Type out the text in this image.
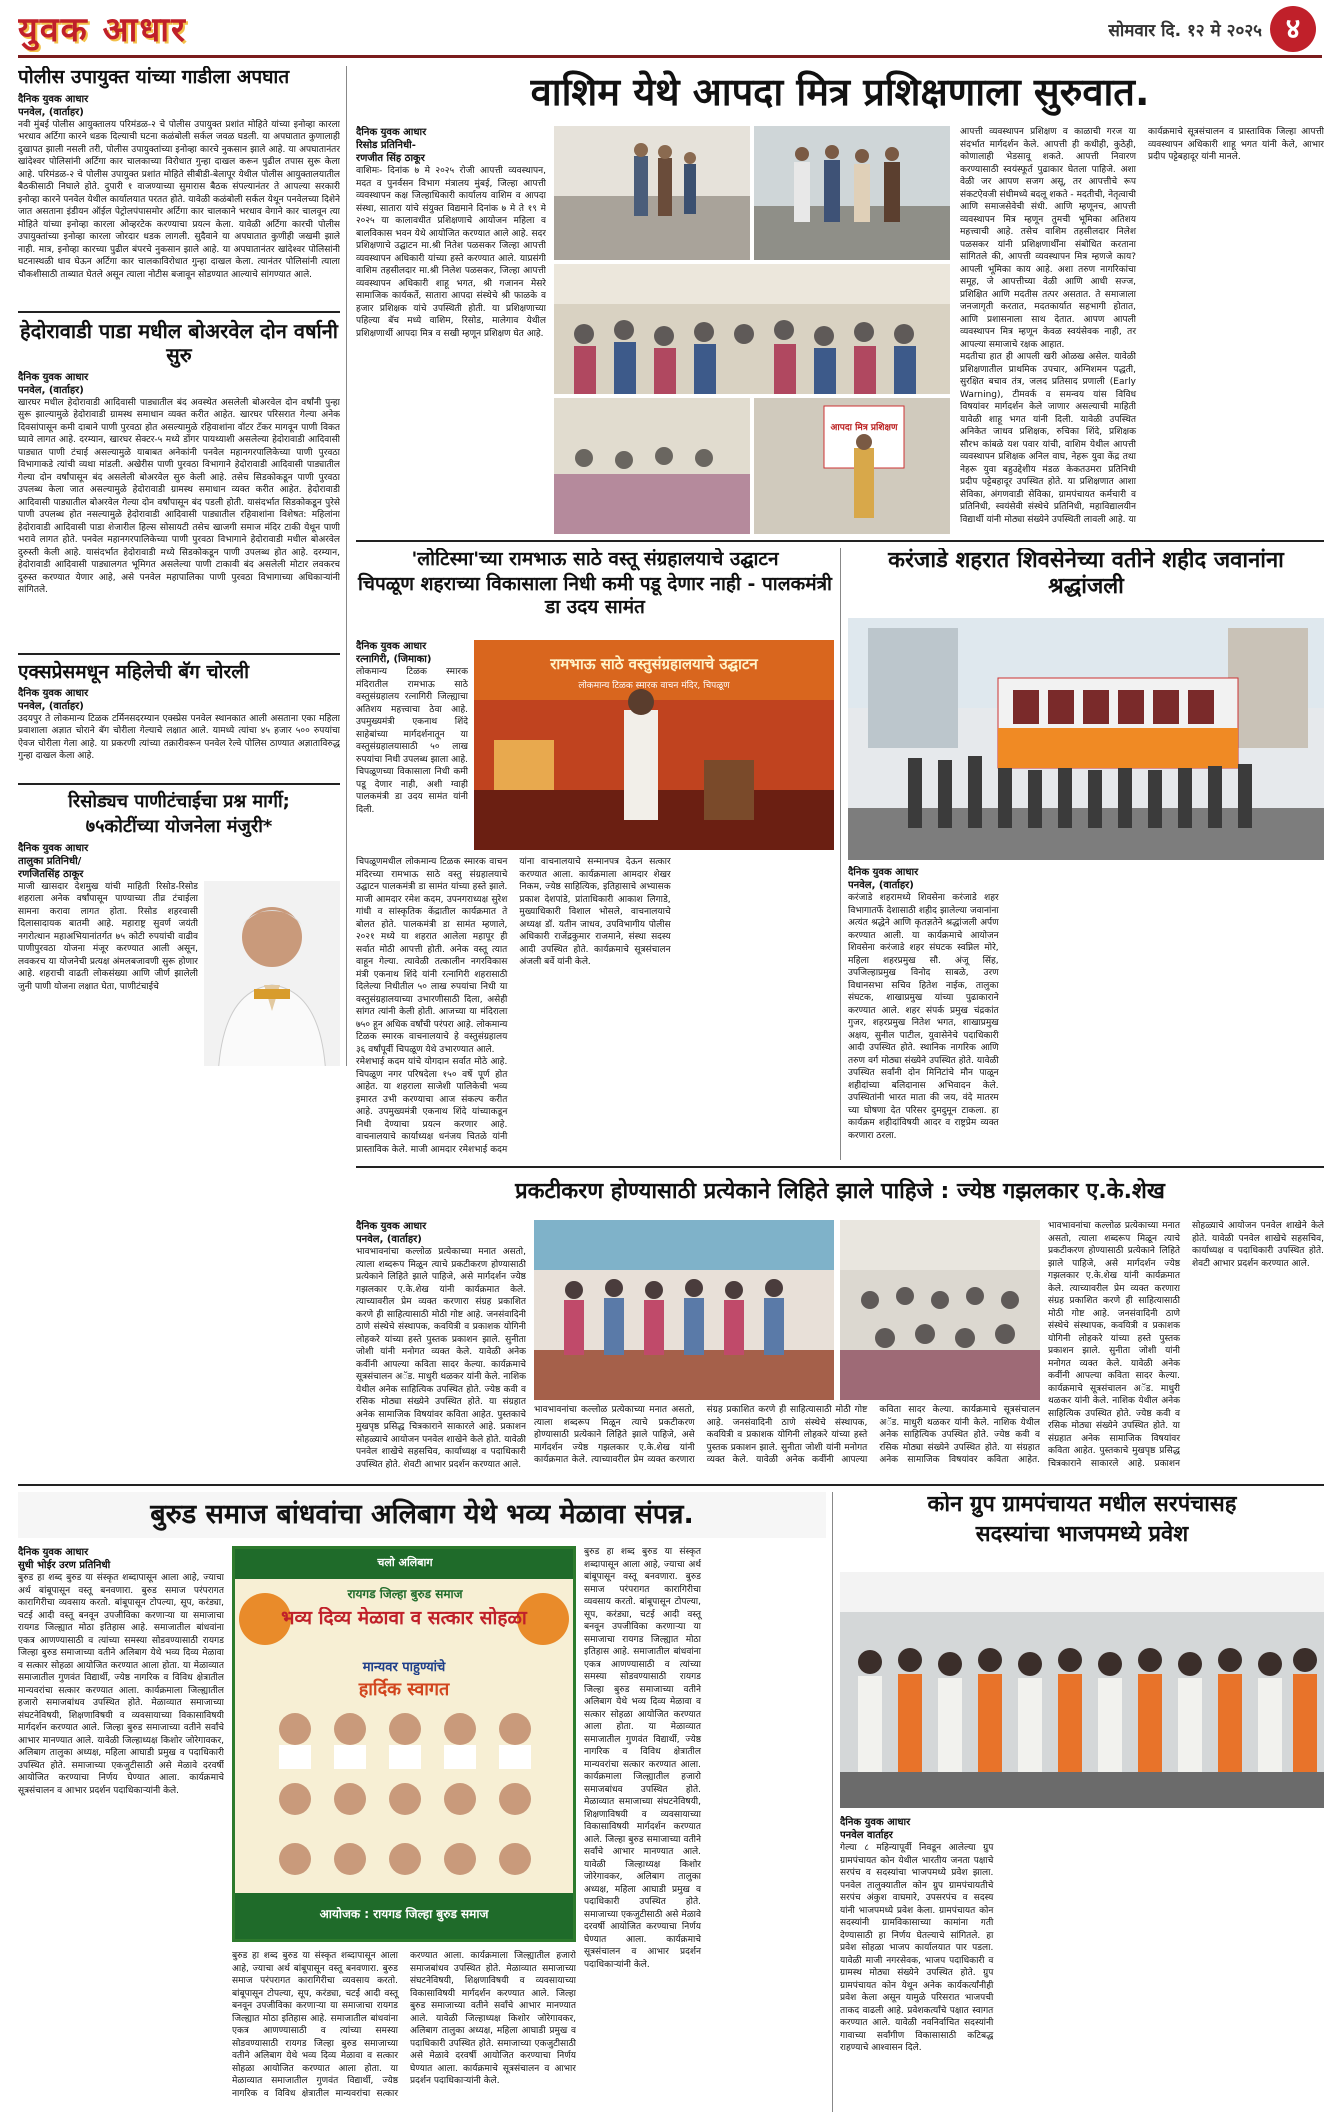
युवक आधार	सोमवार दि. १२ मे २०२५ ४
पोलीस उपायुक्त यांच्या गाडीला अपघात
दैनिक युवक आधार
पनवेल, (वार्ताहर)
नवी मुंबई पोलीस आयुक्तालय परिमंडळ-२ चे पोलीस उपायुक्त प्रशांत मोहिते यांच्या इनोव्हा कारला भरधाव अर्टिगा कारने धडक दिल्याची घटना कळंबोली सर्कल जवळ घडली. या अपघातात कुणालाही दुखापत झाली नसली तरी, पोलीस उपायुक्तांच्या इनोव्हा कारचे नुकसान झाले आहे. या अपघातानंतर खांदेश्वर पोलिसांनी अर्टिगा कार चालकाच्या विरोधात गुन्हा दाखल करून पुढील तपास सुरू केला आहे. परिमंडळ-२ चे पोलीस उपायुक्त प्रशांत मोहिते सीबीडी-बेलापूर येथील पोलीस आयुक्तालयातील बैठकीसाठी निघाले होते. दुपारी १ वाजण्याच्या सुमारास बैठक संपल्यानंतर ते आपल्या सरकारी इनोव्हा कारने पनवेल येथील कार्यालयात परतत होते. यावेळी कळंबोली सर्कल येथून पनवेलच्या दिशेने जात असताना इंडीयन ऑईल पेट्रोलपंपासमोर अर्टिगा कार चालकाने भरधाव वेगाने कार चालवून त्या मोहिते यांच्या इनोव्हा कारला ओव्हरटेक करण्याचा प्रयत्न केला. यावेळी अर्टिगा कारची पोलीस उपायुक्तांच्या इनोव्हा कारला जोरदार धडक लागली. सुदैवाने या अपघातात कुणीही जखमी झाले नाही. मात्र, इनोव्हा कारच्या पुढील बंपरचे नुकसान झाले आहे. या अपघातानंतर खांदेश्वर पोलिसांनी घटनास्थळी धाव घेऊन अर्टिगा कार चालकाविरोधात गुन्हा दाखल केला. त्यानंतर पोलिसांनी त्याला चौकशीसाठी ताब्यात घेतले असून त्याला नोटीस बजावून सोडण्यात आल्याचे सांगण्यात आले.
हेदोरावाडी पाडा मधील बोअरवेल दोन वर्षानी सुरु
दैनिक युवक आधार
पनवेल, (वार्ताहर)
खारघर मधील हेदोरावाडी आदिवासी पाड्यातील बंद अवस्थेत असलेली बोअरवेल दोन वर्षांनी पुन्हा सुरू झाल्यामुळे हेदोरावाडी ग्रामस्थ समाधान व्यक्त करीत आहेत. खारघर परिसरात गेल्या अनेक दिवसांपासून कमी दाबाने पाणी पुरवठा होत असल्यामुळे रहिवाशांना वॉटर टँकर मागवून पाणी विकत घ्यावे लागत आहे. दरम्यान, खारघर सेक्टर-५ मध्ये डोंगर पायथ्याशी असलेल्या हेदोरावाडी आदिवासी पाड्यात पाणी टंचाई असल्यामुळे याबाबत अनेकांनी पनवेल महानगरपालिकेच्या पाणी पुरवठा विभागाकडे त्यांची व्यथा मांडली. अखेरीस पाणी पुरवठा विभागाने हेदोरावाडी आदिवासी पाड्यातील गेल्या दोन वर्षांपासून बंद असलेली बोअरवेल सुरु केली आहे. तसेच सिडकोकडून पाणी पुरवठा उपलब्ध केला जात असल्यामुळे हेदोरावाडी ग्रामस्थ समाधान व्यक्त करीत आहेत. हेदोरावाडी आदिवासी पाड्यातील बोअरवेल गेल्या दोन वर्षांपासून बंद पडली होती. यासंदर्भात सिडकोकडून पुरेसे पाणी उपलब्ध होत नसल्यामुळे हेदोरावाडी आदिवासी पाड्यातील रहिवाशांना विशेषत: महिलांना हेदोरावाडी आदिवासी पाडा शेजारील हिल्स सोसायटी तसेच खाजगी समाज मंदिर टाकी येथून पाणी भरावे लागत होते. पनवेल महानगरपालिकेच्या पाणी पुरवठा विभागाने हेदोरावाडी मधील बोअरवेल दुरुस्ती केली आहे. यासंदर्भात हेदोरावाडी मध्ये सिडकोकडून पाणी उपलब्ध होत आहे. दरम्यान, हेदोरावाडी आदिवासी पाड्यालगत भूमिगत असलेल्या पाणी टाकावी बंद असलेली मोटार लवकरच दुरुस्त करण्यात येणार आहे, असे पनवेल महापालिका पाणी पुरवठा विभागाच्या अधिकाऱ्यांनी सांगितले.
एक्सप्रेसमधून महिलेची बॅग चोरली
दैनिक युवक आधार
पनवेल, (वार्ताहर)
उदयपुर ते लोकमान्य टिळक टर्मिनसदरम्यान एक्स्प्रेस पनवेल स्थानकात आली असताना एका महिला प्रवाशाला अज्ञात चोराने बॅग चोरीला गेल्याचे लक्षात आले. यामध्ये त्यांचा ४५ हजार ५०० रुपयांचा ऐवज चोरीला गेला आहे. या प्रकरणी त्यांच्या तक्रारीवरून पनवेल रेल्वे पोलिस ठाण्यात अज्ञाताविरुद्ध गुन्हा दाखल केला आहे.
रिसोड्यच पाणीटंचाईचा प्रश्न मार्गी;
७५कोटींच्या योजनेला मंजुरी*
दैनिक युवक आधार
तालुका प्रतिनिधी/
रणजितसिंह ठाकूर
माजी खासदार देशमुख यांची माहिती रिसोड-रिसोड शहराला अनेक वर्षांपासून पाण्याच्या तीव्र टंचाईला सामना करावा लागत होता. रिसोड शहरवासी दिलासादायक बातमी आहे. महाराष्ट्र सुवर्ण जयंती नगरोत्थान महाअभियानांतर्गत ७५ कोटी रुपयांची वाढीव पाणीपुरवठा योजना मंजूर करण्यात आली असून, लवकरच या योजनेची प्रत्यक्ष अंमलबजावणी सुरू होणार आहे. शहराची वाढती लोकसंख्या आणि जीर्ण झालेली जुनी पाणी योजना लक्षात घेता, पाणीटंचाईचे
वाशिम येथे आपदा मित्र प्रशिक्षणाला सुरुवात.
दैनिक युवक आधार
रिसोड प्रतिनिधी-
रणजीत सिंह ठाकूर
वाशिमः- दिनांक ७ मे २०२५ रोजी आपत्ती व्यवस्थापन, मदत व पुनर्वसन विभाग मंत्रालय मुंबई, जिल्हा आपत्ती व्यवस्थापन कक्ष जिल्हाधिकारी कार्यालय वाशिम व आपदा संस्था, सातारा यांचे संयुक्त विद्यमाने दिनांक ७ मे ते १९ मे २०२५ या कालावधीत प्रशिक्षणाचे आयोजन महिला व बालविकास भवन येथे आयोजित करण्यात आले आहे. सदर प्रशिक्षणाचे उद्घाटन मा.श्री नितेश पळसकर जिल्हा आपत्ती व्यवस्थापन अधिकारी यांच्या हस्ते करण्यात आले. याप्रसंगी वाशिम तहसीलदार मा.श्री निलेश पळसकर, जिल्हा आपत्ती व्यवस्थापन अधिकारी शाहू भगत, श्री गजानन मेसरे सामाजिक कार्यकर्ते, सातारा आपदा संस्थेचे श्री फाळके व हजार प्रशिक्षक यांचे उपस्थिती होती. या प्रशिक्षणाच्या पहिल्या बॅच मध्ये वाशिम, रिसोड, मालेगाव येथील प्रशिक्षणार्थी आपदा मित्र व सखी म्हणून प्रशिक्षण घेत आहे.
आपदा मित्र प्रशिक्षण
आपत्ती व्यवस्थापन प्रशिक्षण व काळाची गरज या संदर्भात मार्गदर्शन केले. आपत्ती ही कधीही, कुठेही, कोणालाही भेडसावू शकते. आपत्ती निवारण करण्यासाठी स्वयंस्फूर्त पुढाकार घेतला पाहिजे. अशा वेळी जर आपण सजग असू, तर आपत्तीचे रूप संकटऐवजी संधीमध्ये बदलू शकते - मदतीची, नेतृत्वाची आणि समाजसेवेची संधी. आणि म्हणूनच, आपत्ती व्यवस्थापन मित्र म्हणून तुमची भूमिका अतिशय महत्त्वाची आहे. तसेच वाशिम तहसीलदार निलेश पळसकर यांनी प्रशिक्षणार्थींना संबोधित करताना सांगितले की, आपत्ती व्यवस्थापन मित्र म्हणजे काय? आपली भूमिका काय आहे. अशा तरुण नागरिकांचा समूह, जे आपत्तीच्या वेळी आणि आधी सज्ज, प्रशिक्षित आणि मदतीस तत्पर असतात. ते समाजाला जनजागृती करतात, मदतकार्यात सहभागी होतात, आणि प्रशासनाला साथ देतात. आपण आपली व्यवस्थापन मित्र म्हणून केवळ स्वयंसेवक नाही, तर आपल्या समाजाचे रक्षक आहात.
मदतीचा हात ही आपली खरी ओळख असेल. यावेळी प्रशिक्षणातील प्राथमिक उपचार, अग्निशमन पद्धती, सुरक्षित बचाव तंत्र, जलद प्रतिसाद प्रणाली (Early Warning), टीमवर्क व समन्वय यांस विविध विषयांवर मार्गदर्शन केले जाणार असल्याची माहिती यावेळी शाहू भगत यांनी दिली. यावेळी उपस्थित अनिकेत जाधव प्रशिक्षक, रुचिका शिंदे, प्रशिक्षक सौरभ कांबळे यश पवार यांची, वाशिम येथील आपत्ती व्यवस्थापन प्रशिक्षक अनिल वाघ, नेहरू युवा केंद्र तथा नेहरू युवा बहुउद्देशीय मंडळ केकतउमरा प्रतिनिधी प्रदीप पट्टेबहादूर उपस्थित होते. या प्रशिक्षणात आशा सेविका, अंगणवाडी सेविका, ग्रामपंचायत कर्मचारी व प्रतिनिधी, स्वयंसेवी संस्थेचे प्रतिनिधी, महाविद्यालयीन विद्यार्थी यांनी मोठ्या संख्येने उपस्थिती लावली आहे. या कार्यक्रमाचे सूत्रसंचालन व प्रास्ताविक जिल्हा आपत्ती व्यवस्थापन अधिकारी शाहू भगत यांनी केले, आभार प्रदीप पट्टेबहादूर यांनी मानले.
'लोटिस्मा'च्या रामभाऊ साठे वस्तू संग्रहालयाचे उद्घाटन
चिपळूण शहराच्या विकासाला निधी कमी पडू देणार नाही - पालकमंत्री डा उदय सामंत
दैनिक युवक आधार
रत्नागिरी, (जिमाका)
लोकमान्य टिळक स्मारक मंदिरातील रामभाऊ साठे वस्तुसंग्रहालय रत्नागिरी जिल्ह्याचा अतिशय महत्त्वाचा ठेवा आहे. उपमुख्यमंत्री एकनाथ शिंदे साहेबांच्या मार्गदर्शनातून या वस्तुसंग्रहालयासाठी ५० लाख रुपयांचा निधी उपलब्ध झाला आहे. चिपळूणच्या विकासाला निधी कमी पडू देणार नाही, अशी ग्वाही पालकमंत्री डा उदय सामंत यांनी दिली.
रामभाऊ साठे वस्तुसंग्रहालयाचे उद्घाटन
लोकमान्य टिळक स्मारक वाचन मंदिर, चिपळूण
चिपळूणमधील लोकमान्य टिळक स्मारक वाचन मंदिरच्या रामभाऊ साठे वस्तु संग्रहालयाचे उद्घाटन पालकमंत्री डा सामंत यांच्या हस्ते झाले. माजी आमदार रमेश कदम, उपनगराध्यक्ष सुरेश गांधी व सांस्कृतिक केंद्रातील कार्यक्रमात ते बोलत होते. पालकमंत्री डा सामंत म्हणाले, २०२१ मध्ये या शहरात आलेला महापूर ही सर्वात मोठी आपत्ती होती. अनेक वस्तू त्यात वाहून गेल्या. त्यावेळी तत्कालीन नगरविकास मंत्री एकनाथ शिंदे यांनी रत्नागिरी शहरासाठी दिलेल्या निधीतील ५० लाख रुपयांचा निधी या वस्तुसंग्रहालयाच्या उभारणीसाठी दिला, असेही सांगत त्यांनी केली होती. आजच्या या मंदिराला ७५० हून अधिक वर्षांची परंपरा आहे. लोकमान्य टिळक स्मारक वाचनालयाचे हे वस्तुसंग्रहालय ३६ वर्षांपूर्वी चिपळूण येथे उभारण्यात आले.
रमेशभाई कदम यांचे योगदान सर्वात मोठे आहे. चिपळूण नगर परिषदेला १५० वर्षे पूर्ण होत आहेत. या शहराला साजेशी पालिकेची भव्य इमारत उभी करण्याचा आज संकल्प करीत आहे. उपमुख्यमंत्री एकनाथ शिंदे यांच्याकडून निधी देण्याचा प्रयत्न करणार आहे. वाचनालयाचे कार्याध्यक्ष धनंजय चितळे यांनी प्रास्ताविक केले. माजी आमदार रमेशभाई कदम यांना वाचनालयाचे सन्मानपत्र देऊन सत्कार करण्यात आला. कार्यक्रमाला आमदार शेखर निकम, ज्येष्ठ साहित्यिक, इतिहासाचे अभ्यासक प्रकाश देशपांडे, प्रांताधिकारी आकाश लिगाडे, मुख्याधिकारी विशाल भोसले, वाचनालयाचे अध्यक्ष डॉ. यतीन जाधव, उपविभागीय पोलीस अधिकारी राजेंद्रकुमार राजमाने, संस्था सदस्य आदी उपस्थित होते. कार्यक्रमाचे सूत्रसंचालन अंजली बर्वे यांनी केले.
करंजाडे शहरात शिवसेनेच्या वतीने शहीद जवानांना श्रद्धांजली
दैनिक युवक आधार
पनवेल, (वार्ताहर)
करंजाडे शहरामध्ये शिवसेना करंजाडे शहर विभागातर्फे देशासाठी शहीद झालेल्या जवानांना अत्यंत श्रद्धेने आणि कृतज्ञतेने श्रद्धांजली अर्पण करण्यात आली. या कार्यक्रमाचे आयोजन शिवसेना करंजाडे शहर संघटक स्वप्निल मोरे, महिला शहरप्रमुख सौ. अंजू सिंह, उपजिल्हाप्रमुख विनोद साबळे, उरण विधानसभा सचिव हितेश नाईक, तालुका संघटक, शाखाप्रमुख यांच्या पुढाकाराने करण्यात आले. शहर संपर्क प्रमुख चंद्रकांत गुजर, शहरप्रमुख नितेश भगत, शाखाप्रमुख अक्षय, सुनील पाटील, युवासेनेचे पदाधिकारी आदी उपस्थित होते. स्थानिक नागरिक आणि तरुण वर्ग मोठ्या संख्येने उपस्थित होते. यावेळी उपस्थित सर्वांनी दोन मिनिटांचे मौन पाळून शहीदांच्या बलिदानास अभिवादन केले. उपस्थितांनी भारत माता की जय, वंदे मातरम च्या घोषणा देत परिसर दुमदुमून टाकला. हा कार्यक्रम शहीदांविषयी आदर व राष्ट्रप्रेम व्यक्त करणारा ठरला.
प्रकटीकरण होण्यासाठी प्रत्येकाने लिहिते झाले पाहिजे : ज्येष्ठ गझलकार ए.के.शेख
दैनिक युवक आधार
पनवेल, (वार्ताहर)
भावभावनांचा कल्लोळ प्रत्येकाच्या मनात असतो, त्याला शब्दरूप मिळून त्याचे प्रकटीकरण होण्यासाठी प्रत्येकाने लिहिते झाले पाहिजे, असे मार्गदर्शन ज्येष्ठ गझलकार ए.के.शेख यांनी कार्यक्रमात केले. त्याच्यावरील प्रेम व्यक्त करणारा संग्रह प्रकाशित करणे ही साहित्यासाठी मोठी गोष्ट आहे. जनसंवादिनी ठाणे संस्थेचे संस्थापक, कवयित्री व प्रकाशक योगिनी लोहकरे यांच्या हस्ते पुस्तक प्रकाशन झाले. सुनीता जोशी यांनी मनोगत व्यक्त केले. यावेळी अनेक कवींनी आपल्या कविता सादर केल्या. कार्यक्रमाचे सूत्रसंचालन अॅड. माधुरी थळकर यांनी केले. नाशिक येथील अनेक साहित्यिक उपस्थित होते. ज्येष्ठ कवी व रसिक मोठ्या संख्येने उपस्थित होते. या संग्रहात अनेक सामाजिक विषयांवर कविता आहेत. पुस्तकाचे मुखपृष्ठ प्रसिद्ध चित्रकाराने साकारले आहे. प्रकाशन सोहळ्याचे आयोजन पनवेल शाखेने केले होते. यावेळी पनवेल शाखेचे सहसचिव, कार्याध्यक्ष व पदाधिकारी उपस्थित होते. शेवटी आभार प्रदर्शन करण्यात आले.
भावभावनांचा कल्लोळ प्रत्येकाच्या मनात असतो, त्याला शब्दरूप मिळून त्याचे प्रकटीकरण होण्यासाठी प्रत्येकाने लिहिते झाले पाहिजे, असे मार्गदर्शन ज्येष्ठ गझलकार ए.के.शेख यांनी कार्यक्रमात केले. त्याच्यावरील प्रेम व्यक्त करणारा संग्रह प्रकाशित करणे ही साहित्यासाठी मोठी गोष्ट आहे. जनसंवादिनी ठाणे संस्थेचे संस्थापक, कवयित्री व प्रकाशक योगिनी लोहकरे यांच्या हस्ते पुस्तक प्रकाशन झाले. सुनीता जोशी यांनी मनोगत व्यक्त केले. यावेळी अनेक कवींनी आपल्या कविता सादर केल्या. कार्यक्रमाचे सूत्रसंचालन अॅड. माधुरी थळकर यांनी केले. नाशिक येथील अनेक साहित्यिक उपस्थित होते. ज्येष्ठ कवी व रसिक मोठ्या संख्येने उपस्थित होते. या संग्रहात अनेक सामाजिक विषयांवर कविता आहेत.
भावभावनांचा कल्लोळ प्रत्येकाच्या मनात असतो, त्याला शब्दरूप मिळून त्याचे प्रकटीकरण होण्यासाठी प्रत्येकाने लिहिते झाले पाहिजे, असे मार्गदर्शन ज्येष्ठ गझलकार ए.के.शेख यांनी कार्यक्रमात केले. त्याच्यावरील प्रेम व्यक्त करणारा संग्रह प्रकाशित करणे ही साहित्यासाठी मोठी गोष्ट आहे. जनसंवादिनी ठाणे संस्थेचे संस्थापक, कवयित्री व प्रकाशक योगिनी लोहकरे यांच्या हस्ते पुस्तक प्रकाशन झाले. सुनीता जोशी यांनी मनोगत व्यक्त केले. यावेळी अनेक कवींनी आपल्या कविता सादर केल्या. कार्यक्रमाचे सूत्रसंचालन अॅड. माधुरी थळकर यांनी केले. नाशिक येथील अनेक साहित्यिक उपस्थित होते. ज्येष्ठ कवी व रसिक मोठ्या संख्येने उपस्थित होते. या संग्रहात अनेक सामाजिक विषयांवर कविता आहेत. पुस्तकाचे मुखपृष्ठ प्रसिद्ध चित्रकाराने साकारले आहे. प्रकाशन सोहळ्याचे आयोजन पनवेल शाखेने केले होते. यावेळी पनवेल शाखेचे सहसचिव, कार्याध्यक्ष व पदाधिकारी उपस्थित होते. शेवटी आभार प्रदर्शन करण्यात आले.
बुरुड समाज बांधवांचा अलिबाग येथे भव्य मेळावा संपन्न.
दैनिक युवक आधार
सुधी भोईर उरण प्रतिनिधी
बुरुड हा शब्द बुरुड या संस्कृत शब्दापासून आला आहे, ज्याचा अर्थ बांबूपासून वस्तू बनवणारा. बुरुड समाज परंपरागत कारागिरीचा व्यवसाय करतो. बांबूपासून टोपल्या, सूप, करंड्या, चटई आदी वस्तू बनवून उपजीविका करणाऱ्या या समाजाचा रायगड जिल्ह्यात मोठा इतिहास आहे. समाजातील बांधवांना एकत्र आणण्यासाठी व त्यांच्या समस्या सोडवण्यासाठी रायगड जिल्हा बुरुड समाजाच्या वतीने अलिबाग येथे भव्य दिव्य मेळावा व सत्कार सोहळा आयोजित करण्यात आला होता. या मेळाव्यात समाजातील गुणवंत विद्यार्थी, ज्येष्ठ नागरिक व विविध क्षेत्रातील मान्यवरांचा सत्कार करण्यात आला. कार्यक्रमाला जिल्ह्यातील हजारो समाजबांधव उपस्थित होते. मेळाव्यात समाजाच्या संघटनेविषयी, शिक्षणाविषयी व व्यवसायाच्या विकासाविषयी मार्गदर्शन करण्यात आले. जिल्हा बुरुड समाजाच्या वतीने सर्वांचे आभार मानण्यात आले. यावेळी जिल्हाध्यक्ष किशोर जोरेगावकर, अलिबाग तालुका अध्यक्ष, महिला आघाडी प्रमुख व पदाधिकारी उपस्थित होते. समाजाच्या एकजुटीसाठी असे मेळावे दरवर्षी आयोजित करण्याचा निर्णय घेण्यात आला. कार्यक्रमाचे सूत्रसंचालन व आभार प्रदर्शन पदाधिकाऱ्यांनी केले.
चलो अलिबाग
रायगड जिल्हा बुरुड समाज
भव्य दिव्य मेळावा व सत्कार सोहळा
मान्यवर पाहुण्यांचे
हार्दिक स्वागत
आयोजक : रायगड जिल्हा बुरुड समाज
बुरुड हा शब्द बुरुड या संस्कृत शब्दापासून आला आहे, ज्याचा अर्थ बांबूपासून वस्तू बनवणारा. बुरुड समाज परंपरागत कारागिरीचा व्यवसाय करतो. बांबूपासून टोपल्या, सूप, करंड्या, चटई आदी वस्तू बनवून उपजीविका करणाऱ्या या समाजाचा रायगड जिल्ह्यात मोठा इतिहास आहे. समाजातील बांधवांना एकत्र आणण्यासाठी व त्यांच्या समस्या सोडवण्यासाठी रायगड जिल्हा बुरुड समाजाच्या वतीने अलिबाग येथे भव्य दिव्य मेळावा व सत्कार सोहळा आयोजित करण्यात आला होता. या मेळाव्यात समाजातील गुणवंत विद्यार्थी, ज्येष्ठ नागरिक व विविध क्षेत्रातील मान्यवरांचा सत्कार करण्यात आला. कार्यक्रमाला जिल्ह्यातील हजारो समाजबांधव उपस्थित होते. मेळाव्यात समाजाच्या संघटनेविषयी, शिक्षणाविषयी व व्यवसायाच्या विकासाविषयी मार्गदर्शन करण्यात आले. जिल्हा बुरुड समाजाच्या वतीने सर्वांचे आभार मानण्यात आले. यावेळी जिल्हाध्यक्ष किशोर जोरेगावकर, अलिबाग तालुका अध्यक्ष, महिला आघाडी प्रमुख व पदाधिकारी उपस्थित होते. समाजाच्या एकजुटीसाठी असे मेळावे दरवर्षी आयोजित करण्याचा निर्णय घेण्यात आला. कार्यक्रमाचे सूत्रसंचालन व आभार प्रदर्शन पदाधिकाऱ्यांनी केले.
बुरुड हा शब्द बुरुड या संस्कृत शब्दापासून आला आहे, ज्याचा अर्थ बांबूपासून वस्तू बनवणारा. बुरुड समाज परंपरागत कारागिरीचा व्यवसाय करतो. बांबूपासून टोपल्या, सूप, करंड्या, चटई आदी वस्तू बनवून उपजीविका करणाऱ्या या समाजाचा रायगड जिल्ह्यात मोठा इतिहास आहे. समाजातील बांधवांना एकत्र आणण्यासाठी व त्यांच्या समस्या सोडवण्यासाठी रायगड जिल्हा बुरुड समाजाच्या वतीने अलिबाग येथे भव्य दिव्य मेळावा व सत्कार सोहळा आयोजित करण्यात आला होता. या मेळाव्यात समाजातील गुणवंत विद्यार्थी, ज्येष्ठ नागरिक व विविध क्षेत्रातील मान्यवरांचा सत्कार करण्यात आला. कार्यक्रमाला जिल्ह्यातील हजारो समाजबांधव उपस्थित होते. मेळाव्यात समाजाच्या संघटनेविषयी, शिक्षणाविषयी व व्यवसायाच्या विकासाविषयी मार्गदर्शन करण्यात आले. जिल्हा बुरुड समाजाच्या वतीने सर्वांचे आभार मानण्यात आले. यावेळी जिल्हाध्यक्ष किशोर जोरेगावकर, अलिबाग तालुका अध्यक्ष, महिला आघाडी प्रमुख व पदाधिकारी उपस्थित होते. समाजाच्या एकजुटीसाठी असे मेळावे दरवर्षी आयोजित करण्याचा निर्णय घेण्यात आला. कार्यक्रमाचे सूत्रसंचालन व आभार प्रदर्शन पदाधिकाऱ्यांनी केले.
कोन ग्रुप ग्रामपंचायत मधील सरपंचासह
सदस्यांचा भाजपमध्ये प्रवेश
दैनिक युवक आधार
पनवेल वार्ताहर
गेल्या ८ महिन्यापूर्वी निवडून आलेल्या ग्रुप ग्रामपंचायत कोन येथील भारतीय जनता पक्षाचे सरपंच व सदस्यांचा भाजपमध्ये प्रवेश झाला. पनवेल तालुक्यातील कोन ग्रुप ग्रामपंचायतीचे सरपंच अंकुश वाघमारे, उपसरपंच व सदस्य यांनी भाजपमध्ये प्रवेश केला. ग्रामपंचायत कोन सदस्यांनी ग्रामविकासाच्या कामांना गती देण्यासाठी हा निर्णय घेतल्याचे सांगितले. हा प्रवेश सोहळा भाजप कार्यालयात पार पडला. यावेळी माजी नगरसेवक, भाजप पदाधिकारी व ग्रामस्थ मोठ्या संख्येने उपस्थित होते. ग्रुप ग्रामपंचायत कोन येथून अनेक कार्यकर्त्यांनीही प्रवेश केला असून यामुळे परिसरात भाजपची ताकद वाढली आहे. प्रवेशकर्त्यांचे पक्षात स्वागत करण्यात आले. यावेळी नवनिर्वाचित सदस्यांनी गावाच्या सर्वांगीण विकासासाठी कटिबद्ध राहण्याचे आश्वासन दिले.
